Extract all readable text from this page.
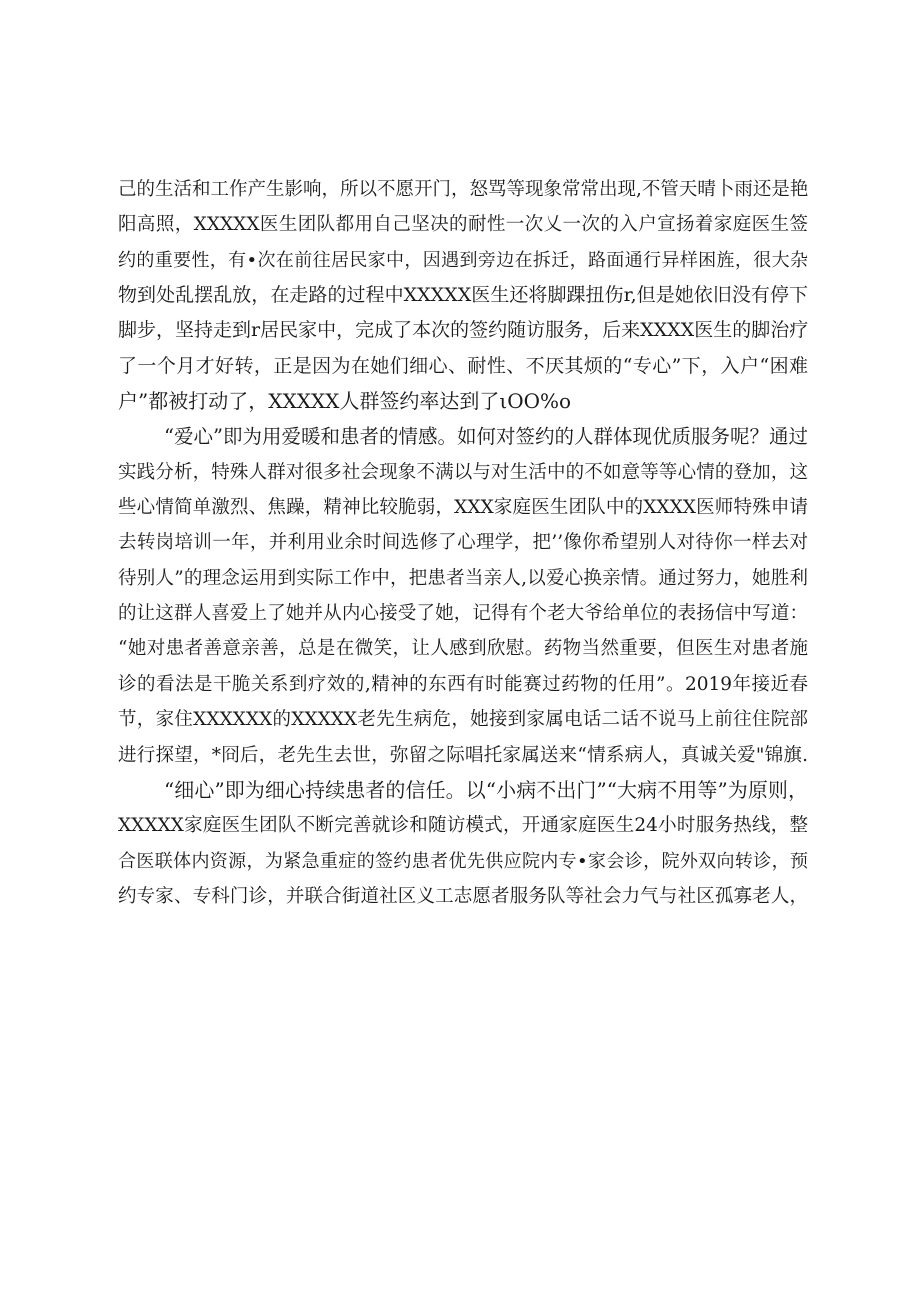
己的生活和工作产生影响，所以不愿开门，怒骂等现象常常出现,不管天晴卜雨还是艳
阳高照，XXXXX医生团队都用自己坚决的耐性一次乂一次的入户宣扬着家庭医生签
约的重要性，有•次在前往居民家中，因遇到旁边在拆迁，路面通行异样困旌，很大杂
物到处乱摆乱放，在走路的过程中XXXXX医生还将脚踝扭伤r,但是她依旧没有停下
脚步，坚持走到r居民家中，完成了本次的签约随访服务，后来XXXX医生的脚治疗
了一个月才好转，正是因为在她们细心、耐性、不厌其烦的“专心”下，入户“困难
户”都被打动了，XXXXX人群签约率达到了ιOO%o
“爱心”即为用爱暖和患者的情感。如何对签约的人群体现优质服务呢？通过
实践分析，特殊人群对很多社会现象不满以与对生活中的不如意等等心情的登加，这
些心情简单激烈、焦躁，精神比较脆弱，XXX家庭医生团队中的XXXX医师特殊申请
去转岗培训一年，并利用业余时间选修了心理学，把’’像你希望别人对待你一样去对
待别人”的理念运用到实际工作中，把患者当亲人,以爱心换亲情。通过努力，她胜利
的让这群人喜爱上了她并从内心接受了她，记得有个老大爷给单位的表扬信中写道：
“她对患者善意亲善，总是在微笑，让人感到欣慰。药物当然重要，但医生对患者施
诊的看法是干脆关系到疗效的,精神的东西有时能赛过药物的任用”。2019年接近春
节，家住XXXXXX的XXXXX老先生病危，她接到家属电话二话不说马上前往住院部
进行探望，*冏后，老先生去世，弥留之际唱托家属送来“情系病人，真诚关爱"锦旗.
“细心”即为细心持续患者的信任。以“小病不出门”“大病不用等”为原则，
XXXXX家庭医生团队不断完善就诊和随访模式，开通家庭医生24小时服务热线，整
合医联体内资源，为紧急重症的签约患者优先供应院内专•家会诊，院外双向转诊，预
约专家、专科门诊，并联合街道社区义工志愿者服务队等社会力气与社区孤寡老人，
